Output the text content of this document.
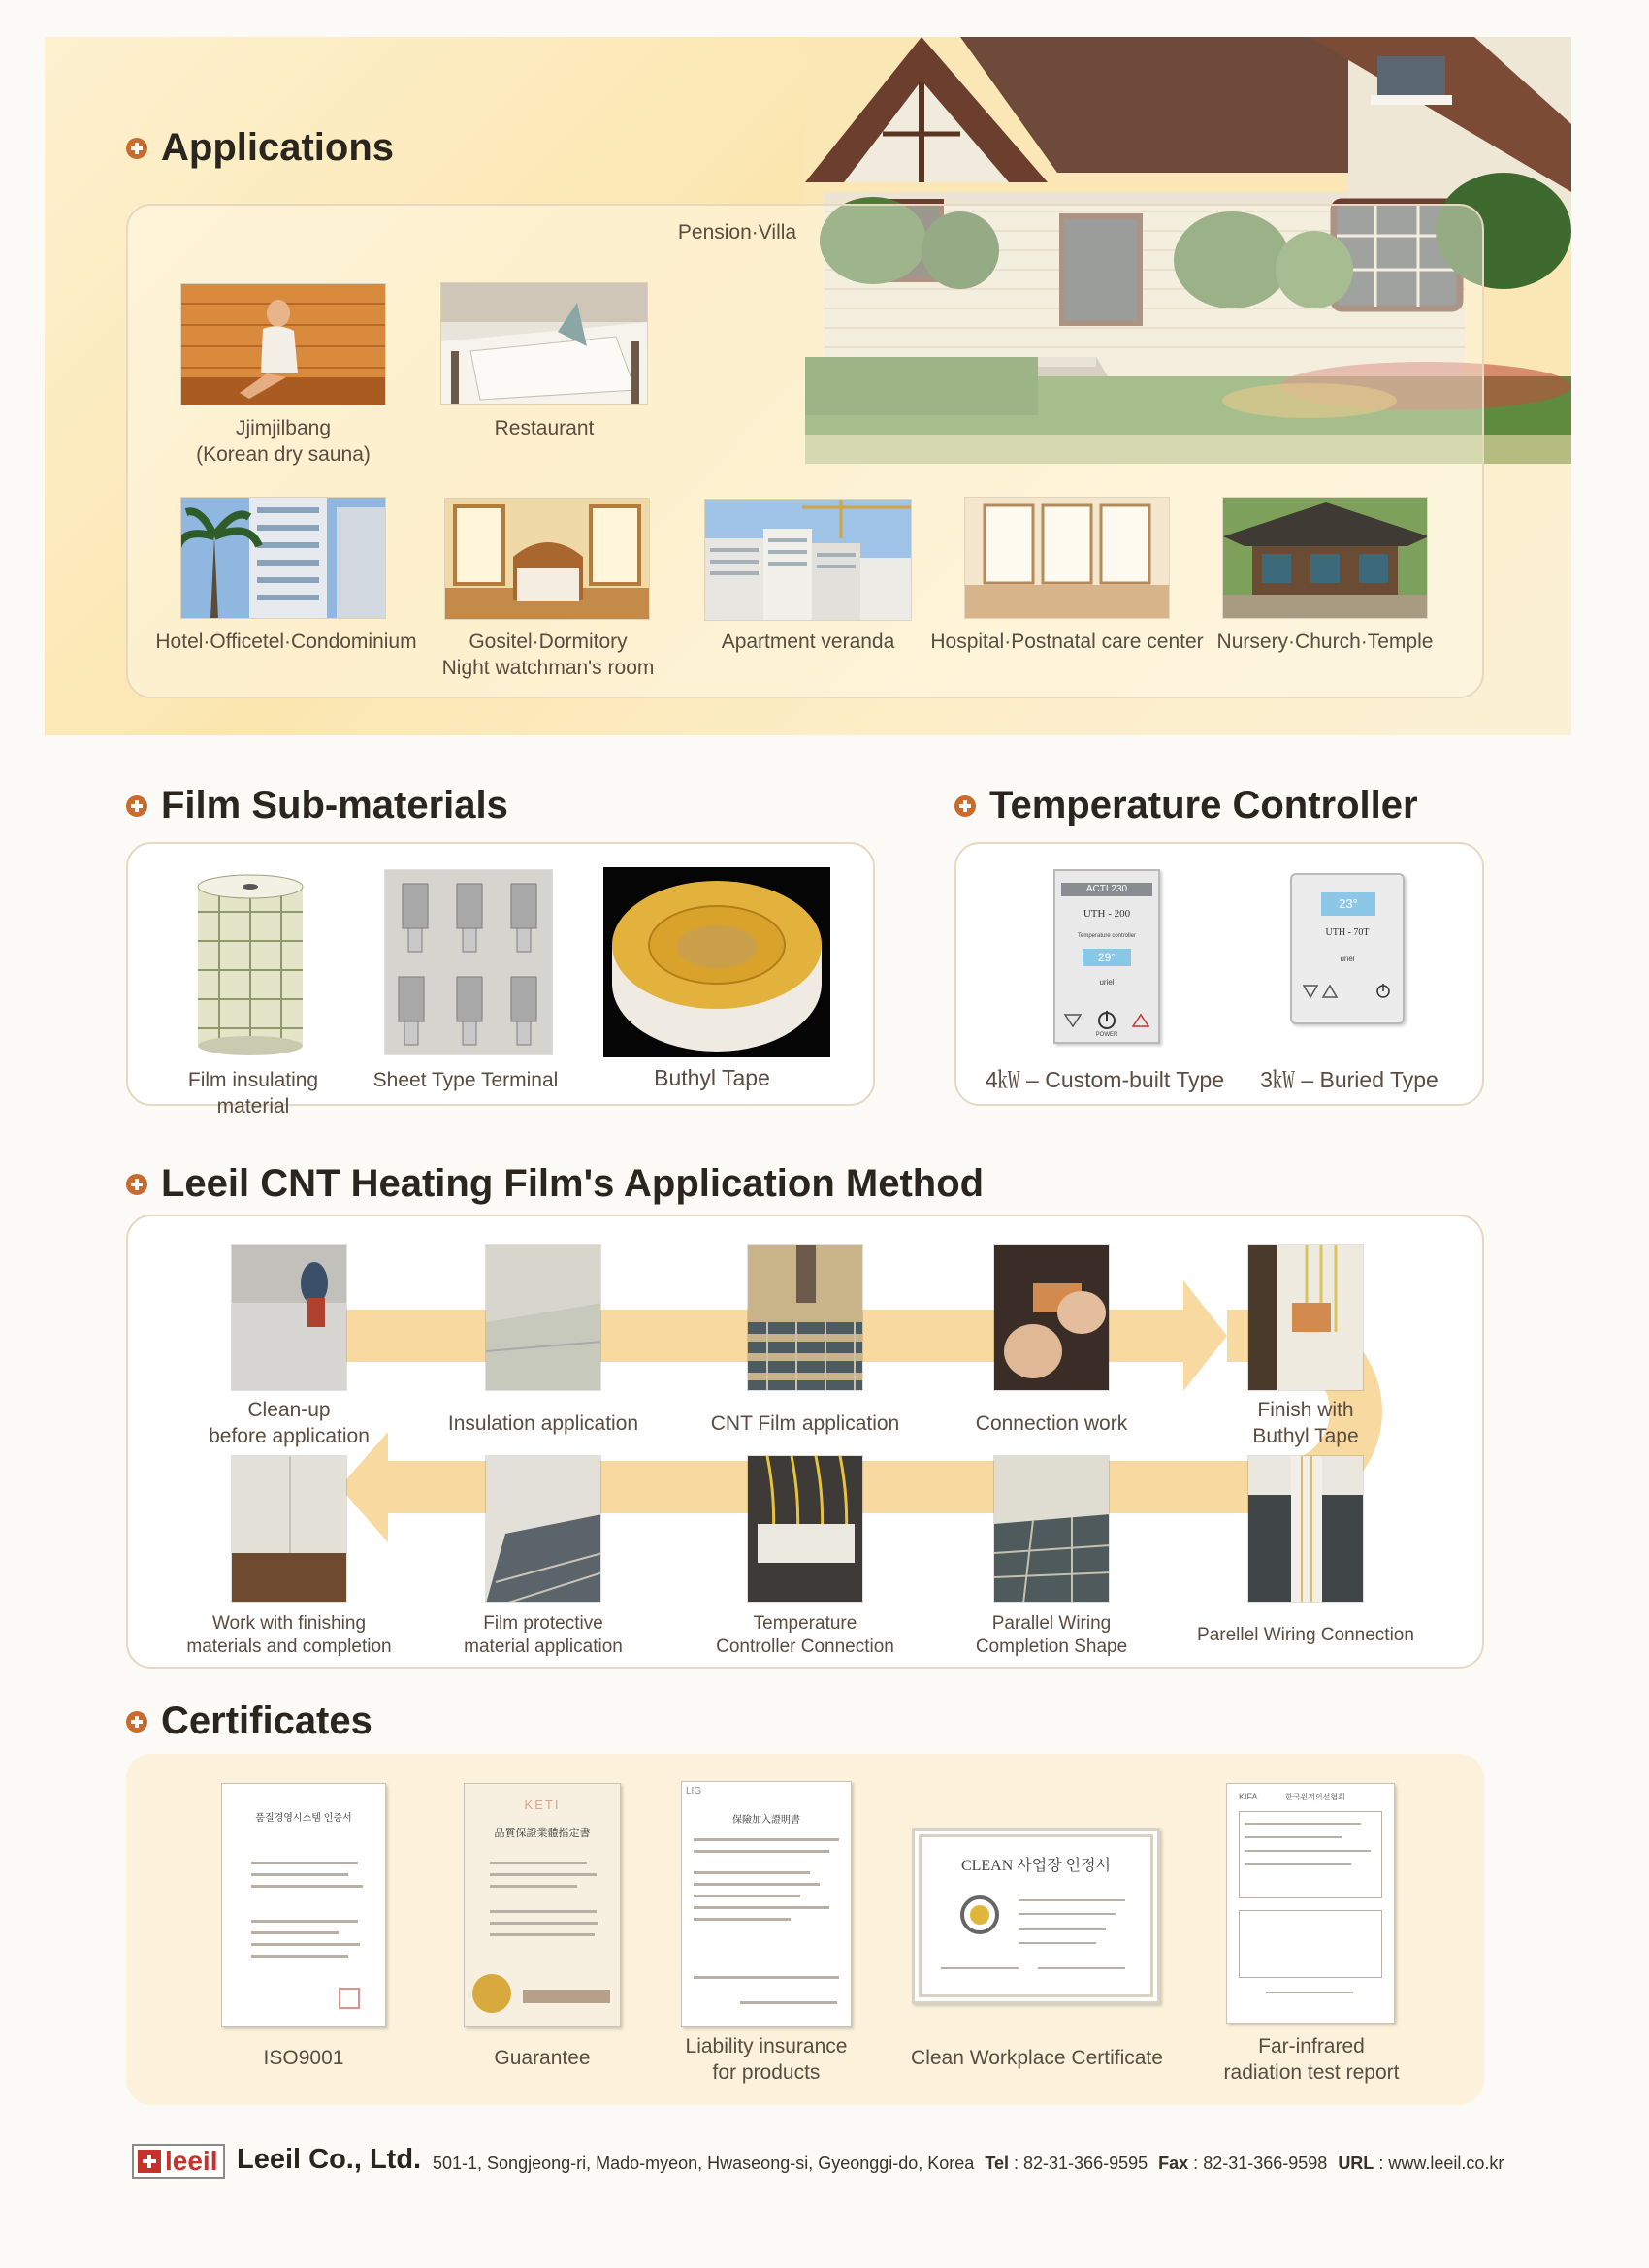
Applications
Pension·Villa
Jjimjilbang
(Korean dry sauna)
Restaurant
Hotel·Officetel·Condominium	Gositel·Dormitory
Night watchman's room
Apartment veranda	Hospital·Postnatal care center Nursery·Church·Temple
Film Sub-materials
Film insulating material
Sheet Type Terminal	Buthyl Tape
Temperature Controller
ACTI 230
UTH - 200
Temperature controller
29°
uriel
POWER
23°
UTH - 70T
uriel
4㎾ – Custom-built Type	3㎾ – Buried Type
Leeil CNT Heating Film's Application Method
Clean-up
before application
Insulation application	CNT Film application	Connection work
Finish with
Buthyl Tape
Work with finishing
materials and completion
Film protective
material application
Temperature
Controller Connection
Parallel Wiring
Completion Shape
Parellel Wiring Connection
Certificates
품질경영시스템 인증서
KETI
品質保證業體指定書
LIG
保險加入證明書
CLEAN 사업장 인정서
KIFA	한국원적외선협회
ISO9001	Guarantee
Liability insurance
for products
Clean Workplace Certificate
Far-infrared
radiation test report
leeil Leeil Co., Ltd. 501-1, Songjeong-ri, Mado-myeon, Hwaseong-si, Gyeonggi-do, Korea Tel : 82-31-366-9595 Fax : 82-31-366-9598 URL : www.leeil.co.kr
